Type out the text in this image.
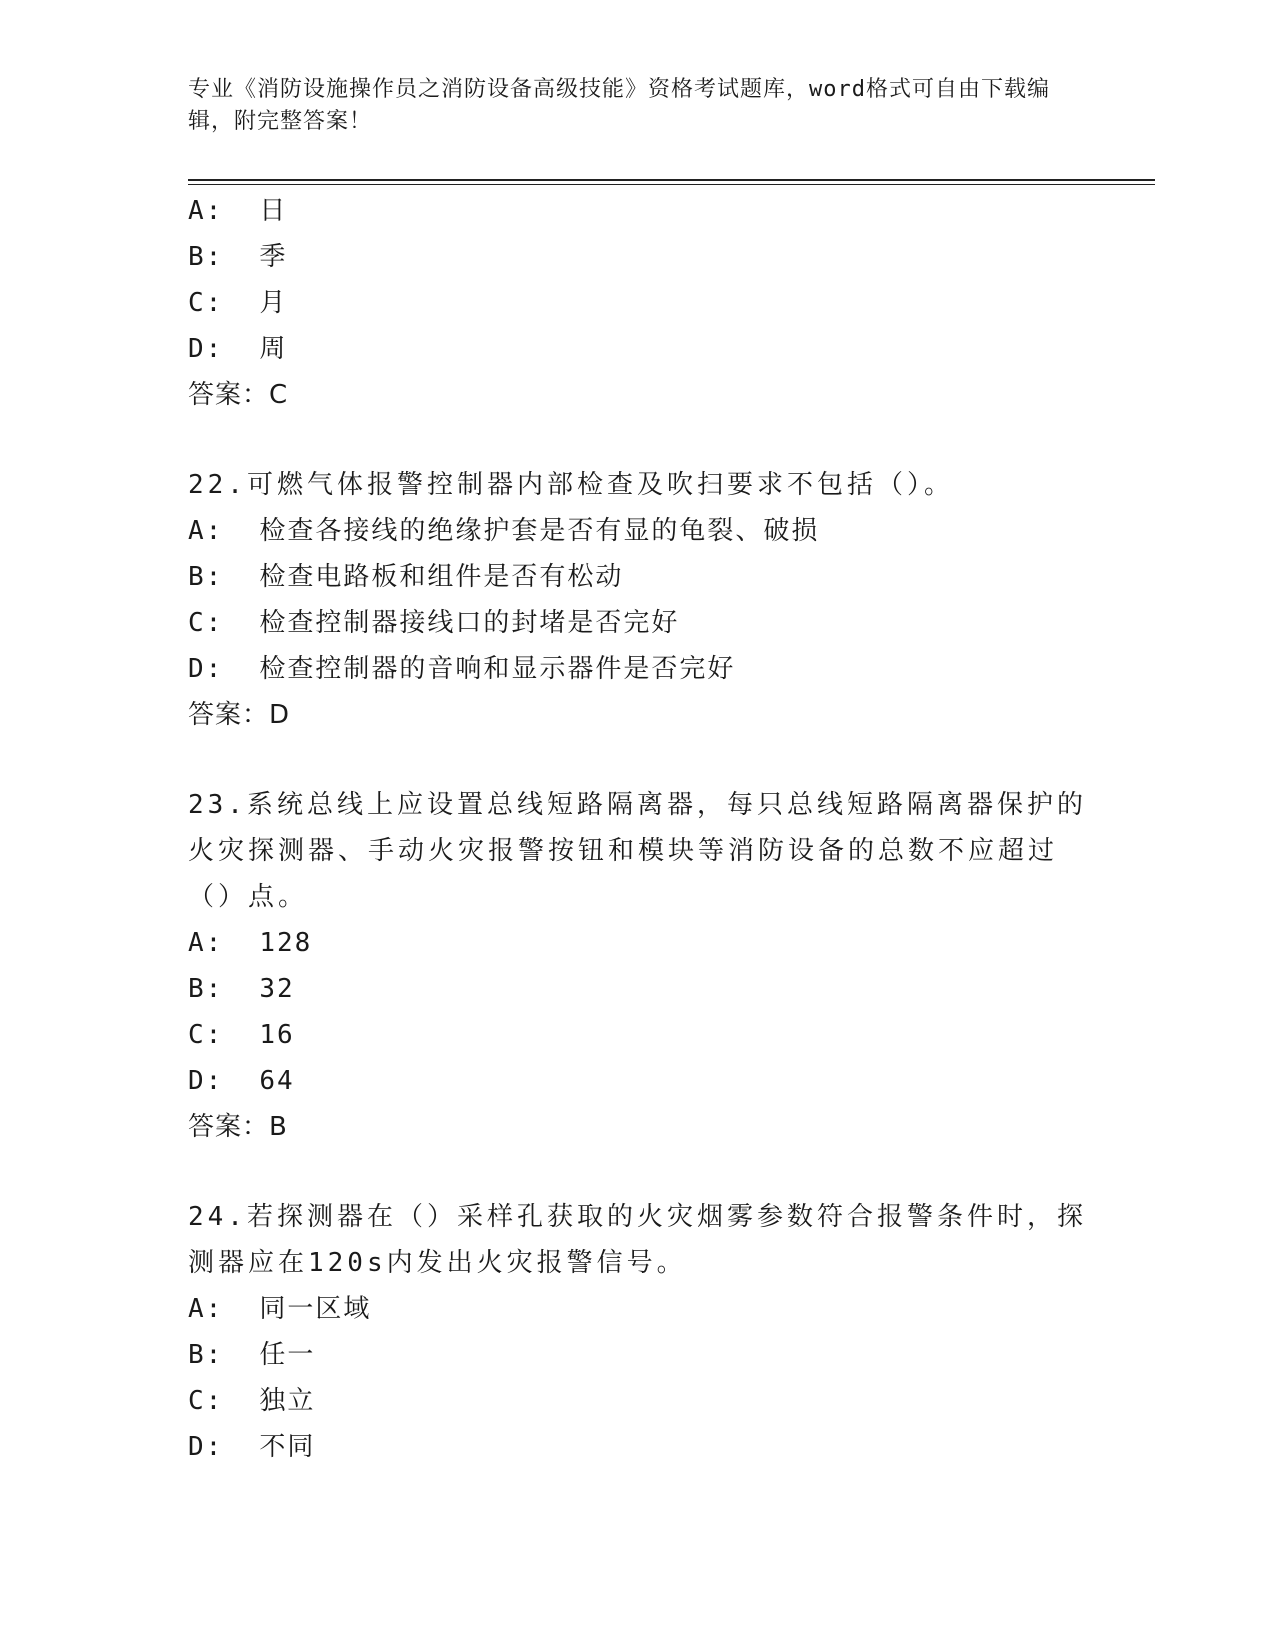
专业《消防设施操作员之消防设备高级技能》资格考试题库，word格式可自由下载编辑，附完整答案！
A: 日
B: 季
C: 月
D: 周
答案：C
22.可燃气体报警控制器内部检查及吹扫要求不包括（）。
A: 检查各接线的绝缘护套是否有显的龟裂、破损
B: 检查电路板和组件是否有松动
C: 检查控制器接线口的封堵是否完好
D: 检查控制器的音响和显示器件是否完好
答案：D
23.系统总线上应设置总线短路隔离器，每只总线短路隔离器保护的火灾探测器、手动火灾报警按钮和模块等消防设备的总数不应超过（）点。
A: 128
B: 32
C: 16
D: 64
答案：B
24.若探测器在（）采样孔获取的火灾烟雾参数符合报警条件时，探测器应在120s内发出火灾报警信号。
A: 同一区域
B: 任一
C: 独立
D: 不同
